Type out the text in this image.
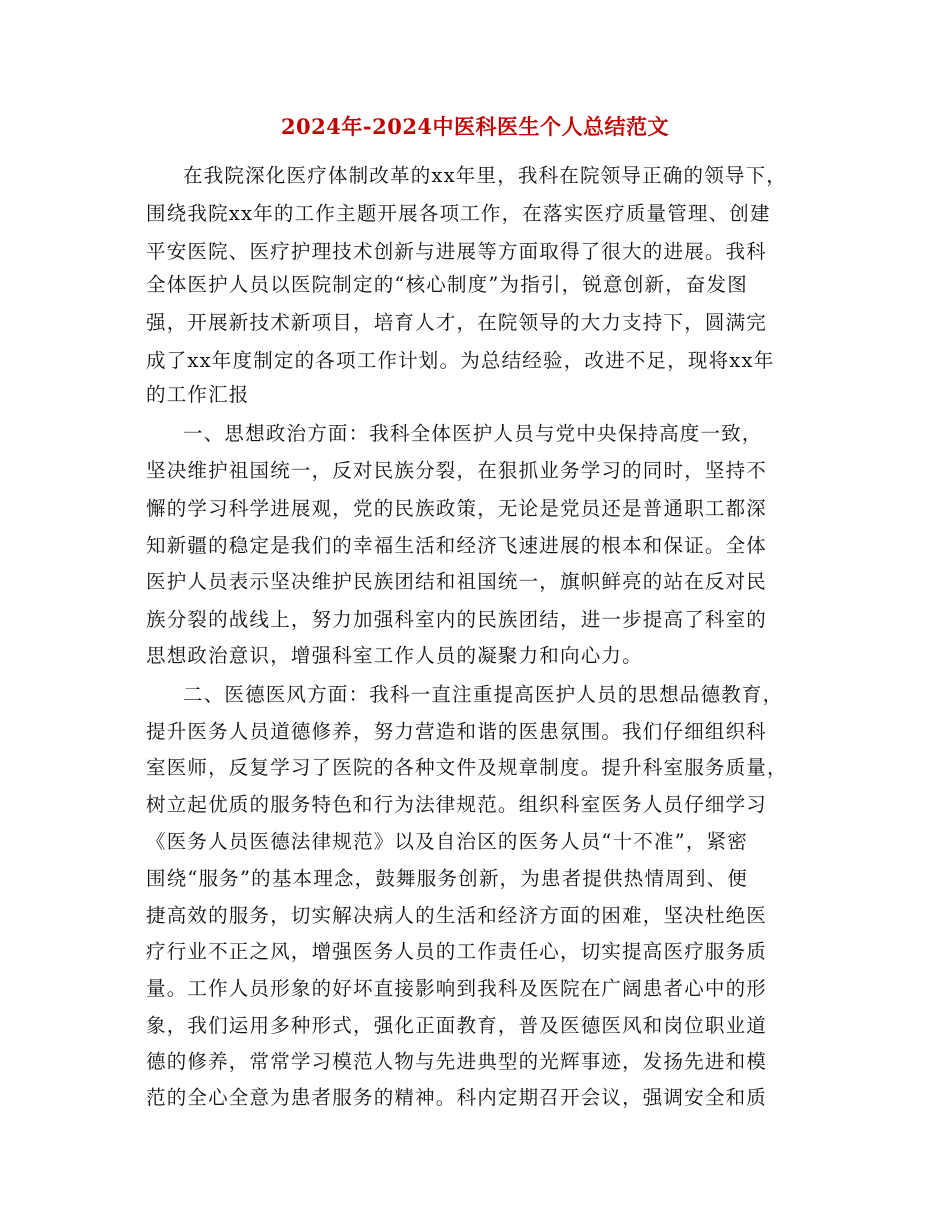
2024年-2024中医科医生个人总结范文
在我院深化医疗体制改革的xx年里，我科在院领导正确的领导下，
围绕我院xx年的工作主题开展各项工作，在落实医疗质量管理、创建
平安医院、医疗护理技术创新与进展等方面取得了很大的进展。我科
全体医护人员以医院制定的“核心制度”为指引，锐意创新，奋发图
强，开展新技术新项目，培育人才，在院领导的大力支持下，圆满完
成了xx年度制定的各项工作计划。为总结经验，改进不足，现将xx年
的工作汇报
一、思想政治方面：我科全体医护人员与党中央保持高度一致，
坚决维护祖国统一，反对民族分裂，在狠抓业务学习的同时，坚持不
懈的学习科学进展观，党的民族政策，无论是党员还是普通职工都深
知新疆的稳定是我们的幸福生活和经济飞速进展的根本和保证。全体
医护人员表示坚决维护民族团结和祖国统一，旗帜鲜亮的站在反对民
族分裂的战线上，努力加强科室内的民族团结，进一步提高了科室的
思想政治意识，增强科室工作人员的凝聚力和向心力。
二、医德医风方面：我科一直注重提高医护人员的思想品德教育，
提升医务人员道德修养，努力营造和谐的医患氛围。我们仔细组织科
室医师，反复学习了医院的各种文件及规章制度。提升科室服务质量，
树立起优质的服务特色和行为法律规范。组织科室医务人员仔细学习
《医务人员医德法律规范》以及自治区的医务人员“十不准”，紧密
围绕“服务”的基本理念，鼓舞服务创新，为患者提供热情周到、便
捷高效的服务，切实解决病人的生活和经济方面的困难，坚决杜绝医
疗行业不正之风，增强医务人员的工作责任心，切实提高医疗服务质
量。工作人员形象的好坏直接影响到我科及医院在广阔患者心中的形
象，我们运用多种形式，强化正面教育，普及医德医风和岗位职业道
德的修养，常常学习模范人物与先进典型的光辉事迹，发扬先进和模
范的全心全意为患者服务的精神。科内定期召开会议，强调安全和质
